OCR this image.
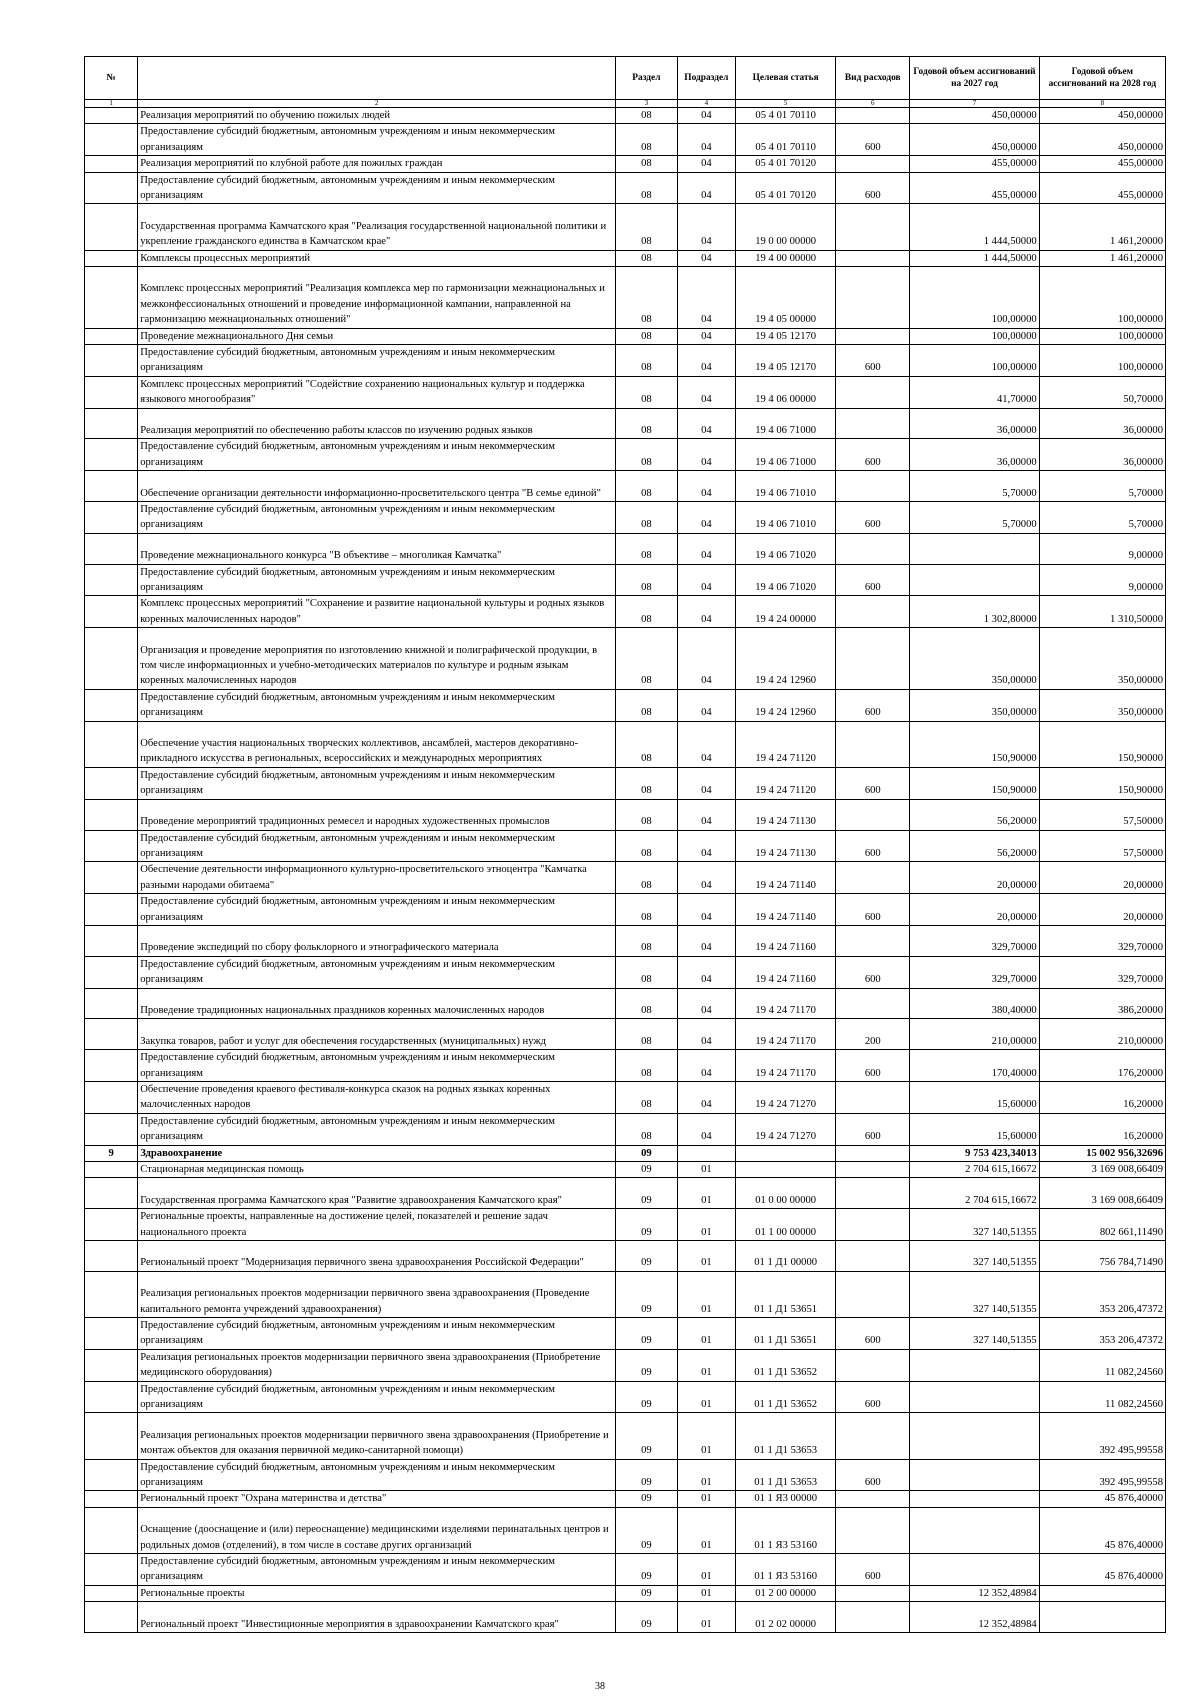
№		Раздел	Подраздел	Целевая статья	Вид расходов	Годовой объем ассигнований на 2027 год	Годовой объем ассигнований на 2028 год
1	2	3	4	5	6	7	8
	Реализация мероприятий по обучению пожилых людей	08	04	05 4 01 70110		450,00000	450,00000
	Предоставление субсидий бюджетным, автономным учреждениям и иным некоммерческим организациям	08	04	05 4 01 70110	600	450,00000	450,00000
	Реализация мероприятий по клубной работе для пожилых граждан	08	04	05 4 01 70120		455,00000	455,00000
	Предоставление субсидий бюджетным, автономным учреждениям и иным некоммерческим организациям	08	04	05 4 01 70120	600	455,00000	455,00000
	Государственная программа Камчатского края "Реализация государственной национальной политики и укрепление гражданского единства в Камчатском крае"	08	04	19 0 00 00000		1 444,50000	1 461,20000
	Комплексы процессных мероприятий	08	04	19 4 00 00000		1 444,50000	1 461,20000
	Комплекс процессных мероприятий "Реализация комплекса мер по гармонизации межнациональных и межконфессиональных отношений и проведение информационной кампании, направленной на гармонизацию межнациональных отношений"	08	04	19 4 05 00000		100,00000	100,00000
	Проведение межнационального Дня семьи	08	04	19 4 05 12170		100,00000	100,00000
	Предоставление субсидий бюджетным, автономным учреждениям и иным некоммерческим организациям	08	04	19 4 05 12170	600	100,00000	100,00000
	Комплекс процессных мероприятий "Содействие сохранению национальных культур и поддержка языкового многообразия"	08	04	19 4 06 00000		41,70000	50,70000
	Реализация мероприятий по обеспечению работы классов по изучению родных языков	08	04	19 4 06 71000		36,00000	36,00000
	Предоставление субсидий бюджетным, автономным учреждениям и иным некоммерческим организациям	08	04	19 4 06 71000	600	36,00000	36,00000
	Обеспечение организации деятельности информационно-просветительского центра "В семье единой"	08	04	19 4 06 71010		5,70000	5,70000
	Предоставление субсидий бюджетным, автономным учреждениям и иным некоммерческим организациям	08	04	19 4 06 71010	600	5,70000	5,70000
	Проведение межнационального конкурса "В объективе – многоликая Камчатка"	08	04	19 4 06 71020			9,00000
	Предоставление субсидий бюджетным, автономным учреждениям и иным некоммерческим организациям	08	04	19 4 06 71020	600		9,00000
	Комплекс процессных мероприятий "Сохранение и развитие национальной культуры и родных языков коренных малочисленных народов"	08	04	19 4 24 00000		1 302,80000	1 310,50000
	Организация и проведение мероприятия по изготовлению книжной и полиграфической продукции, в том числе информационных и учебно-методических материалов по культуре и родным языкам коренных малочисленных народов	08	04	19 4 24 12960		350,00000	350,00000
	Предоставление субсидий бюджетным, автономным учреждениям и иным некоммерческим организациям	08	04	19 4 24 12960	600	350,00000	350,00000
	Обеспечение участия национальных творческих коллективов, ансамблей, мастеров декоративно-прикладного искусства в региональных, всероссийских и международных мероприятиях	08	04	19 4 24 71120		150,90000	150,90000
	Предоставление субсидий бюджетным, автономным учреждениям и иным некоммерческим организациям	08	04	19 4 24 71120	600	150,90000	150,90000
	Проведение мероприятий традиционных ремесел и народных художественных промыслов	08	04	19 4 24 71130		56,20000	57,50000
	Предоставление субсидий бюджетным, автономным учреждениям и иным некоммерческим организациям	08	04	19 4 24 71130	600	56,20000	57,50000
	Обеспечение деятельности информационного культурно-просветительского этноцентра "Камчатка разными народами обитаема"	08	04	19 4 24 71140		20,00000	20,00000
	Предоставление субсидий бюджетным, автономным учреждениям и иным некоммерческим организациям	08	04	19 4 24 71140	600	20,00000	20,00000
	Проведение экспедиций по сбору фольклорного и этнографического материала	08	04	19 4 24 71160		329,70000	329,70000
	Предоставление субсидий бюджетным, автономным учреждениям и иным некоммерческим организациям	08	04	19 4 24 71160	600	329,70000	329,70000
	Проведение традиционных национальных праздников коренных малочисленных народов	08	04	19 4 24 71170		380,40000	386,20000
	Закупка товаров, работ и услуг для обеспечения государственных (муниципальных) нужд	08	04	19 4 24 71170	200	210,00000	210,00000
	Предоставление субсидий бюджетным, автономным учреждениям и иным некоммерческим организациям	08	04	19 4 24 71170	600	170,40000	176,20000
	Обеспечение проведения краевого фестиваля-конкурса сказок на родных языках коренных малочисленных народов	08	04	19 4 24 71270		15,60000	16,20000
	Предоставление субсидий бюджетным, автономным учреждениям и иным некоммерческим организациям	08	04	19 4 24 71270	600	15,60000	16,20000
9	Здравоохранение	09				9 753 423,34013	15 002 956,32696
	Стационарная медицинская помощь	09	01			2 704 615,16672	3 169 008,66409
	Государственная программа Камчатского края "Развитие здравоохранения Камчатского края"	09	01	01 0 00 00000		2 704 615,16672	3 169 008,66409
	Региональные проекты, направленные на достижение целей, показателей и решение задач национального проекта	09	01	01 1 00 00000		327 140,51355	802 661,11490
	Региональный проект "Модернизация первичного звена здравоохранения Российской Федерации"	09	01	01 1 Д1 00000		327 140,51355	756 784,71490
	Реализация региональных проектов модернизации первичного звена здравоохранения (Проведение капитального ремонта учреждений здравоохранения)	09	01	01 1 Д1 53651		327 140,51355	353 206,47372
	Предоставление субсидий бюджетным, автономным учреждениям и иным некоммерческим организациям	09	01	01 1 Д1 53651	600	327 140,51355	353 206,47372
	Реализация региональных проектов модернизации первичного звена здравоохранения (Приобретение медицинского оборудования)	09	01	01 1 Д1 53652			11 082,24560
	Предоставление субсидий бюджетным, автономным учреждениям и иным некоммерческим организациям	09	01	01 1 Д1 53652	600		11 082,24560
	Реализация региональных проектов модернизации первичного звена здравоохранения (Приобретение и монтаж объектов для оказания первичной медико-санитарной помощи)	09	01	01 1 Д1 53653			392 495,99558
	Предоставление субсидий бюджетным, автономным учреждениям и иным некоммерческим организациям	09	01	01 1 Д1 53653	600		392 495,99558
	Региональный проект "Охрана материнства и детства"	09	01	01 1 Я3 00000			45 876,40000
	Оснащение (дооснащение и (или) переоснащение) медицинскими изделиями перинатальных центров и родильных домов (отделений), в том числе в составе других организаций	09	01	01 1 Я3 53160			45 876,40000
	Предоставление субсидий бюджетным, автономным учреждениям и иным некоммерческим организациям	09	01	01 1 Я3 53160	600		45 876,40000
	Региональные проекты	09	01	01 2 00 00000		12 352,48984	
	Региональный проект "Инвестиционные мероприятия в здравоохранении Камчатского края"	09	01	01 2 02 00000		12 352,48984	
38
